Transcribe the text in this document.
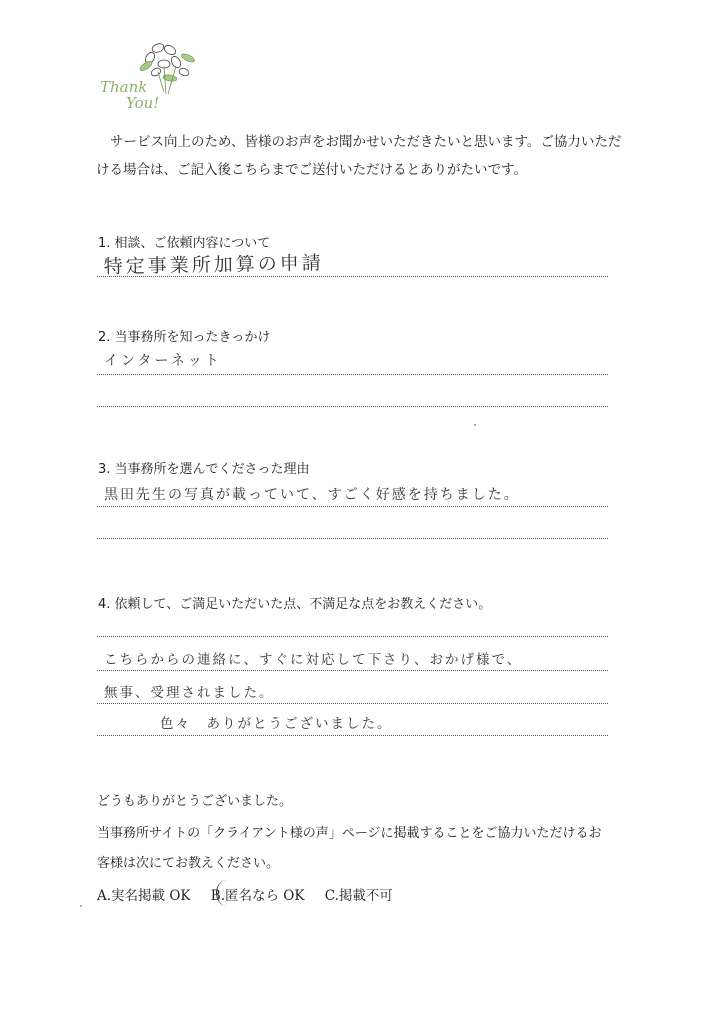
Thank
You!
サービス向上のため、皆様のお声をお聞かせいただきたいと思います。ご協力いただける場合は、ご記入後こちらまでご送付いただけるとありがたいです。
1. 相談、ご依頼内容について
特定事業所加算の申請
2. 当事務所を知ったきっかけ
インターネット
3. 当事務所を選んでくださった理由
黒田先生の写真が載っていて、すごく好感を持ちました。
4. 依頼して、ご満足いただいた点、不満足な点をお教えください。
こちらからの連絡に、すぐに対応して下さり、おかげ様で、
無事、受理されました。
色々　ありがとうございました。
どうもありがとうございました。
当事務所サイトの「クライアント様の声」ページに掲載することをご協力いただけるお
客様は次にてお教えください。
A.実名掲載 OK B.匿名なら OK C.掲載不可
